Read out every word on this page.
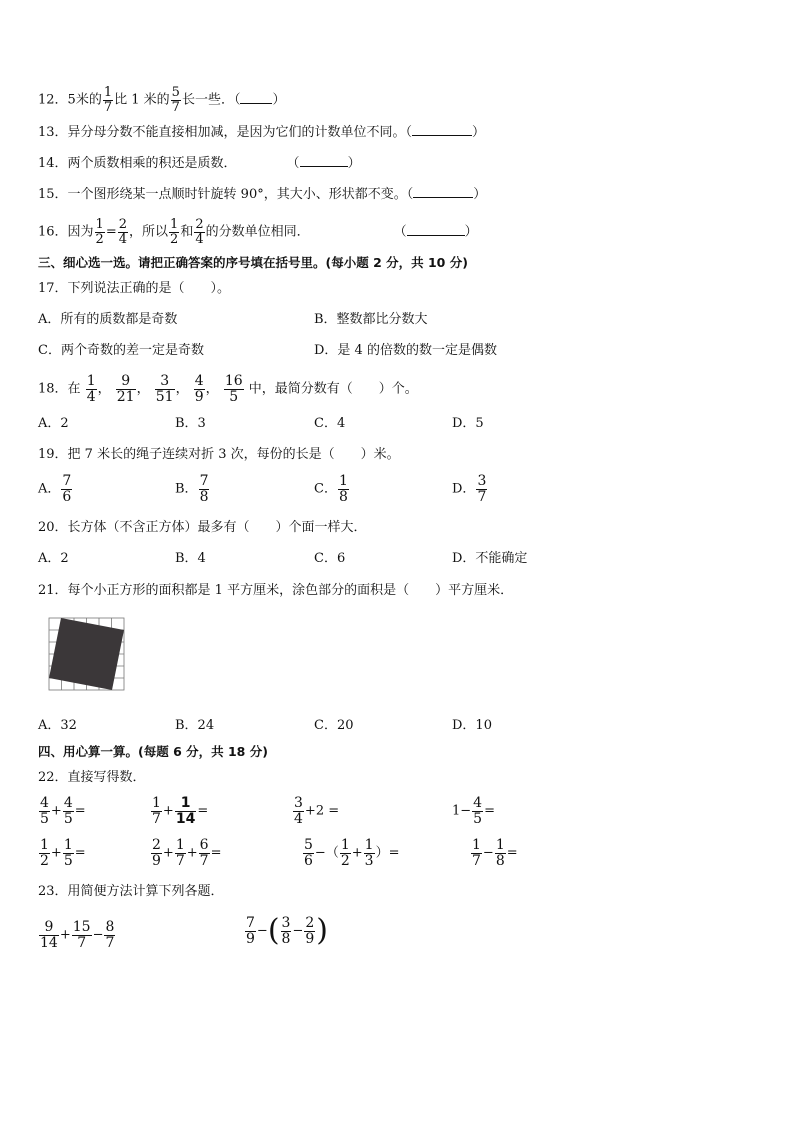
12．5米的 $\frac{1}{7}$ 比 1 米的 $\frac{5}{7}$ 长一些．（ ）
13．异分母分数不能直接相加减，是因为它们的计数单位不同。（	）
14．两个质数相乘的积还是质数．	（	）
15．一个图形绕某一点顺时针旋转 90°，其大小、形状都不变。（	）
16．因为 $\frac{1}{2} = \frac{2}{4}$ ，所以 $\frac{1}{2}$ 和 $\frac{2}{4}$ 的分数单位相同．	（	）
三、细心选一选。请把正确答案的序号填在括号里。(每小题 2 分，共 10 分)
17．下列说法正确的是（　　）。
A．所有的质数都是奇数	B．整数都比分数大
C．两个奇数的差一定是奇数	D．是 4 的倍数的数一定是偶数
18．在 $\frac{1}{4}$ ， $\frac{9}{21}$ ， $\frac{3}{51}$ ， $\frac{4}{9}$ ， $\frac{16}{5}$ 中，最简分数有（　　）个。
A．2	B．3	C．4	D．5
19．把 7 米长的绳子连续对折 3 次，每份的长是（　　）米。
A． $\frac{7}{6}$	B． $\frac{7}{8}$	C． $\frac{1}{8}$	D． $\frac{3}{7}$
20．长方体（不含正方体）最多有（　　）个面一样大．
A．2	B．4	C．6	D．不能确定
21．每个小正方形的面积都是 1 平方厘米，涂色部分的面积是（　　）平方厘米．
A．32	B．24	C．20	D．10
四、用心算一算。(每题 6 分，共 18 分)
22．直接写得数．
$\frac{4}{5} + \frac{4}{5}$ =	$\frac{1}{7} + \frac{1}{14}$ =	$\frac{3}{4} +2$ =	$1- \frac{4}{5}$ =
$\frac{1}{2} + \frac{1}{5}$ =	$\frac{2}{9} + \frac{1}{7} + \frac{6}{7}$ =	$\frac{5}{6}$ −（ $\frac{1}{2} + \frac{1}{3}$ ）=	$\frac{1}{7} - \frac{1}{8}$ =
23．用简便方法计算下列各题．
$\frac{9}{14} + \frac{15}{7} - \frac{8}{7}$	$\frac{7}{9}$ −( $\frac{3}{8} - \frac{2}{9}$ )
